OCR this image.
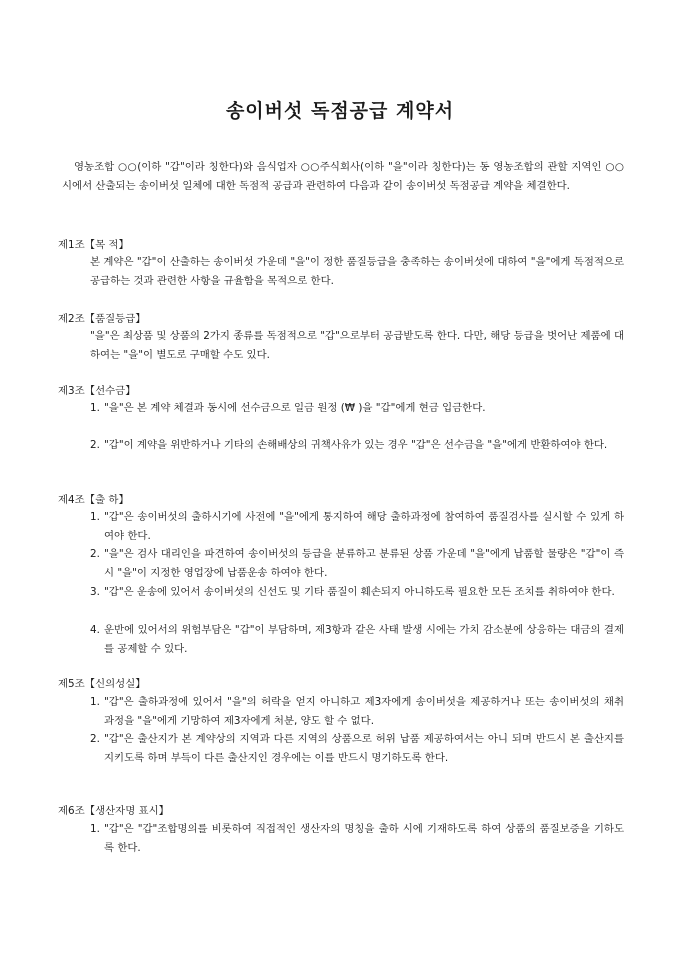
송이버섯 독점공급 계약서
영농조합 ○○(이하 "갑"이라 칭한다)와 음식업자 ○○주식회사(이하 "을"이라 칭한다)는 동 영농조합의 관할 지역인 ○○시에서 산출되는 송이버섯 일체에 대한 독점적 공급과 관련하여 다음과 같이 송이버섯 독점공급 계약을 체결한다.
제1조【목 적】
본 계약은 "갑"이 산출하는 송이버섯 가운데 "을"이 정한 품질등급을 충족하는 송이버섯에 대하여 "을"에게 독점적으로 공급하는 것과 관련한 사항을 규율함을 목적으로 한다.
제2조【품질등급】
"을"은 최상품 및 상품의 2가지 종류를 독점적으로 "갑"으로부터 공급받도록 한다. 다만, 해당 등급을 벗어난 제품에 대하여는 "을"이 별도로 구매할 수도 있다.
제3조【선수금】
1. "을"은 본 계약 체결과 동시에 선수금으로 일금 원정 (₩ )을 "갑"에게 현금 입금한다.
2. "갑"이 계약을 위반하거나 기타의 손해배상의 귀책사유가 있는 경우 "갑"은 선수금을 "을"에게 반환하여야 한다.
제4조【출 하】
1. "갑"은 송이버섯의 출하시기에 사전에 "을"에게 통지하여 해당 출하과정에 참여하여 품질검사를 실시할 수 있게 하여야 한다.
2. "을"은 검사 대리인을 파견하여 송이버섯의 등급을 분류하고 분류된 상품 가운데 "을"에게 납품할 물량은 "갑"이 즉시 "을"이 지정한 영업장에 납품운송 하여야 한다.
3. "갑"은 운송에 있어서 송이버섯의 신선도 및 기타 품질이 훼손되지 아니하도록 필요한 모든 조치를 취하여야 한다.
4. 운반에 있어서의 위험부담은 "갑"이 부담하며, 제3항과 같은 사태 발생 시에는 가치 감소분에 상응하는 대금의 결제를 공제할 수 있다.
제5조【신의성실】
1. "갑"은 출하과정에 있어서 "을"의 허락을 얻지 아니하고 제3자에게 송이버섯을 제공하거나 또는 송이버섯의 채취 과정을 "을"에게 기망하여 제3자에게 처분, 양도 할 수 없다.
2. "갑"은 출산지가 본 계약상의 지역과 다른 지역의 상품으로 허위 납품 제공하여서는 아니 되며 반드시 본 출산지를 지키도록 하며 부득이 다른 출산지인 경우에는 이를 반드시 명기하도록 한다.
제6조【생산자명 표시】
1. "갑"은 "갑"조합명의를 비롯하여 직접적인 생산자의 명칭을 출하 시에 기재하도록 하여 상품의 품질보증을 기하도록 한다.
